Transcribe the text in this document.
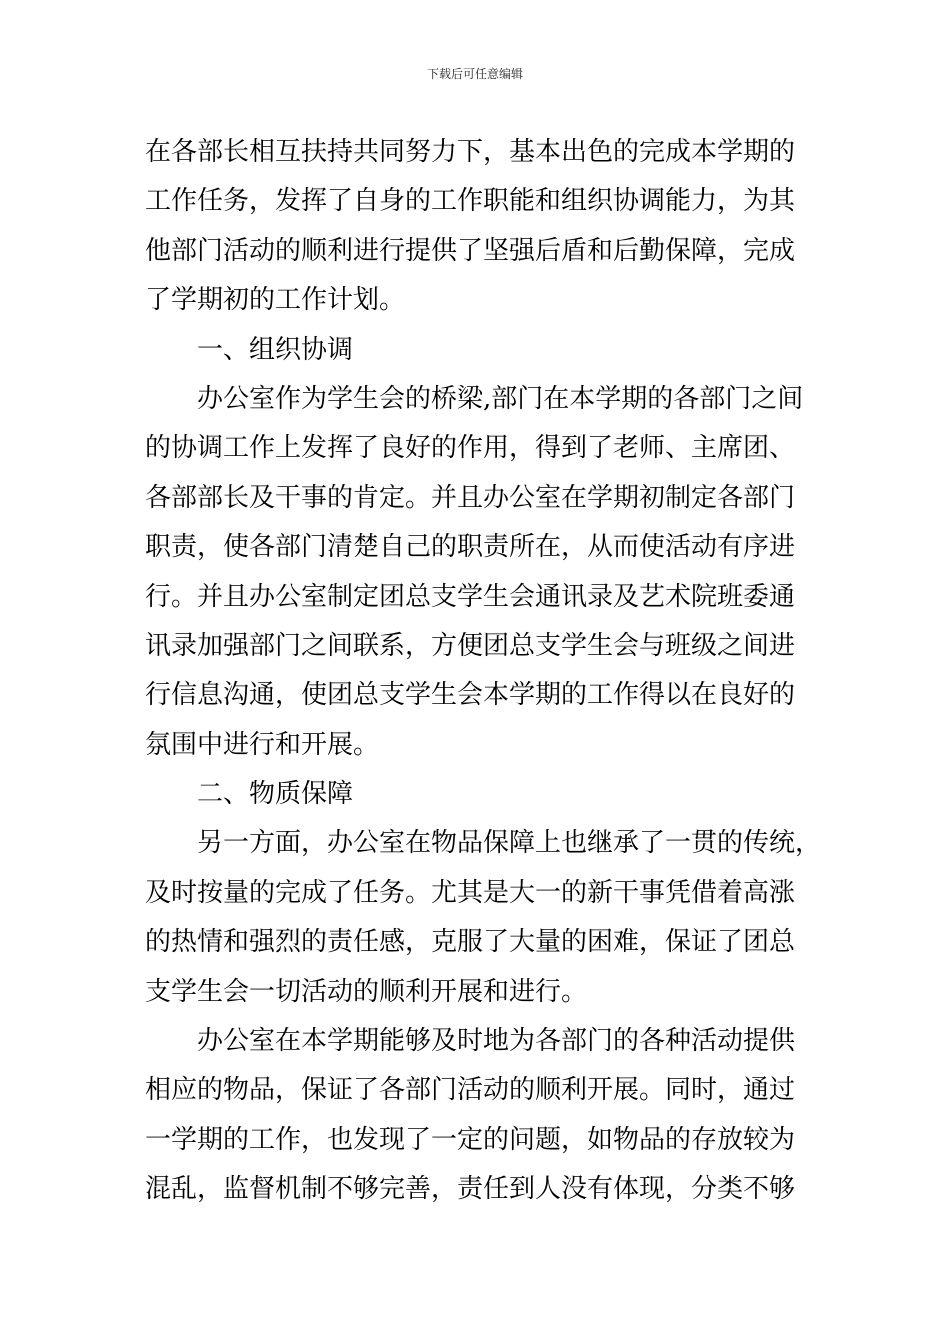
下载后可任意编辑
在各部长相互扶持共同努力下，基本出色的完成本学期的
工作任务，发挥了自身的工作职能和组织协调能力，为其
他部门活动的顺利进行提供了坚强后盾和后勤保障，完成
了学期初的工作计划。
一、组织协调
办公室作为学生会的桥梁,部门在本学期的各部门之间
的协调工作上发挥了良好的作用，得到了老师、主席团、
各部部长及干事的肯定。并且办公室在学期初制定各部门
职责，使各部门清楚自己的职责所在，从而使活动有序进
行。并且办公室制定团总支学生会通讯录及艺术院班委通
讯录加强部门之间联系，方便团总支学生会与班级之间进
行信息沟通，使团总支学生会本学期的工作得以在良好的
氛围中进行和开展。
二、物质保障
另一方面，办公室在物品保障上也继承了一贯的传统，
及时按量的完成了任务。尤其是大一的新干事凭借着高涨
的热情和强烈的责任感，克服了大量的困难，保证了团总
支学生会一切活动的顺利开展和进行。
办公室在本学期能够及时地为各部门的各种活动提供
相应的物品，保证了各部门活动的顺利开展。同时，通过
一学期的工作，也发现了一定的问题，如物品的存放较为
混乱，监督机制不够完善，责任到人没有体现，分类不够
